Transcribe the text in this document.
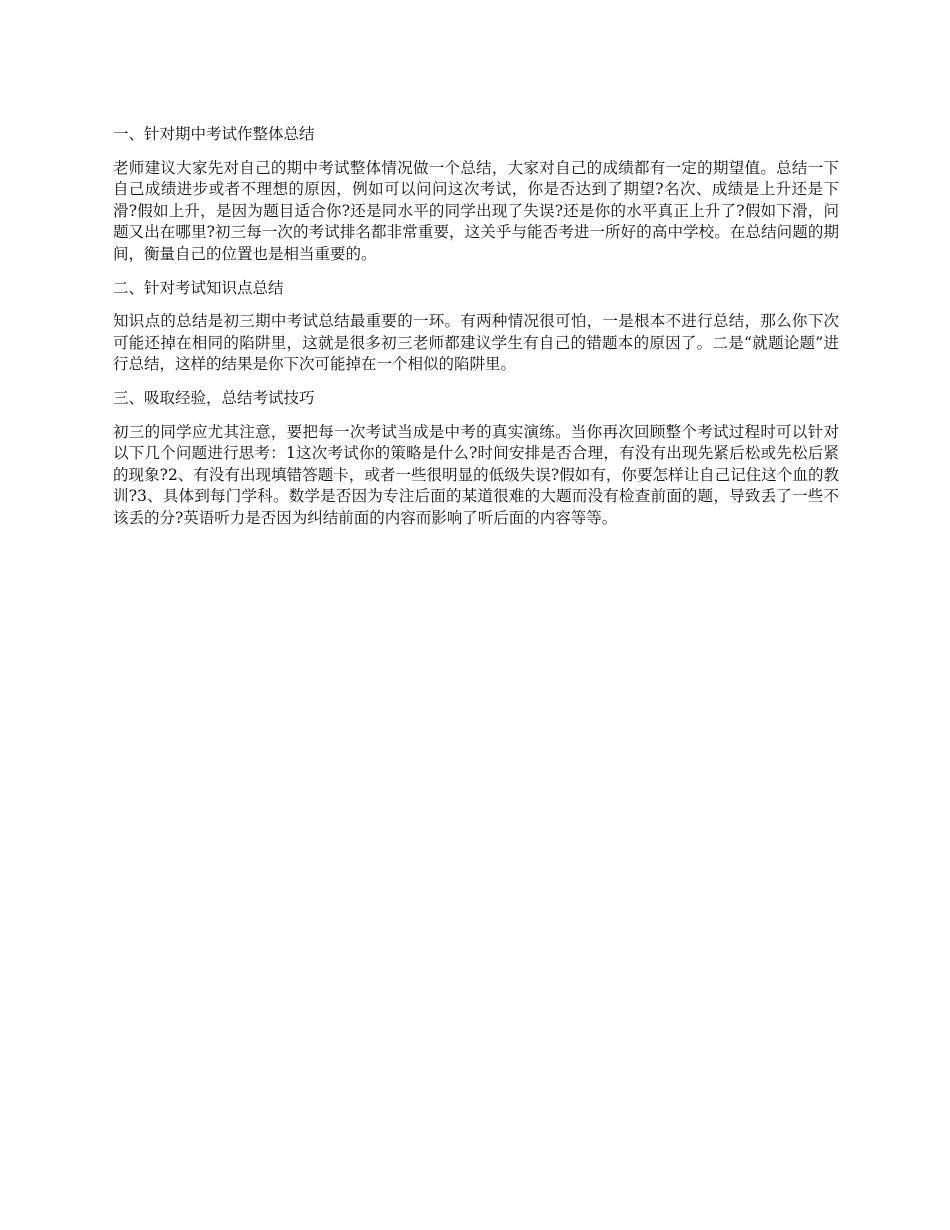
一、针对期中考试作整体总结
老师建议大家先对自己的期中考试整体情况做一个总结，大家对自己的成绩都有一定的期望值。总结一下自己成绩进步或者不理想的原因，例如可以问问这次考试，你是否达到了期望?名次、成绩是上升还是下滑?假如上升，是因为题目适合你?还是同水平的同学出现了失误?还是你的水平真正上升了?假如下滑，问题又出在哪里?初三每一次的考试排名都非常重要，这关乎与能否考进一所好的高中学校。在总结问题的期间，衡量自己的位置也是相当重要的。
二、针对考试知识点总结
知识点的总结是初三期中考试总结最重要的一环。有两种情况很可怕，一是根本不进行总结，那么你下次可能还掉在相同的陷阱里，这就是很多初三老师都建议学生有自己的错题本的原因了。二是“就题论题”进行总结，这样的结果是你下次可能掉在一个相似的陷阱里。
三、吸取经验，总结考试技巧
初三的同学应尤其注意，要把每一次考试当成是中考的真实演练。当你再次回顾整个考试过程时可以针对以下几个问题进行思考：1这次考试你的策略是什么?时间安排是否合理，有没有出现先紧后松或先松后紧的现象?2、有没有出现填错答题卡，或者一些很明显的低级失误?假如有，你要怎样让自己记住这个血的教训?3、具体到每门学科。数学是否因为专注后面的某道很难的大题而没有检查前面的题，导致丢了一些不该丢的分?英语听力是否因为纠结前面的内容而影响了听后面的内容等等。
